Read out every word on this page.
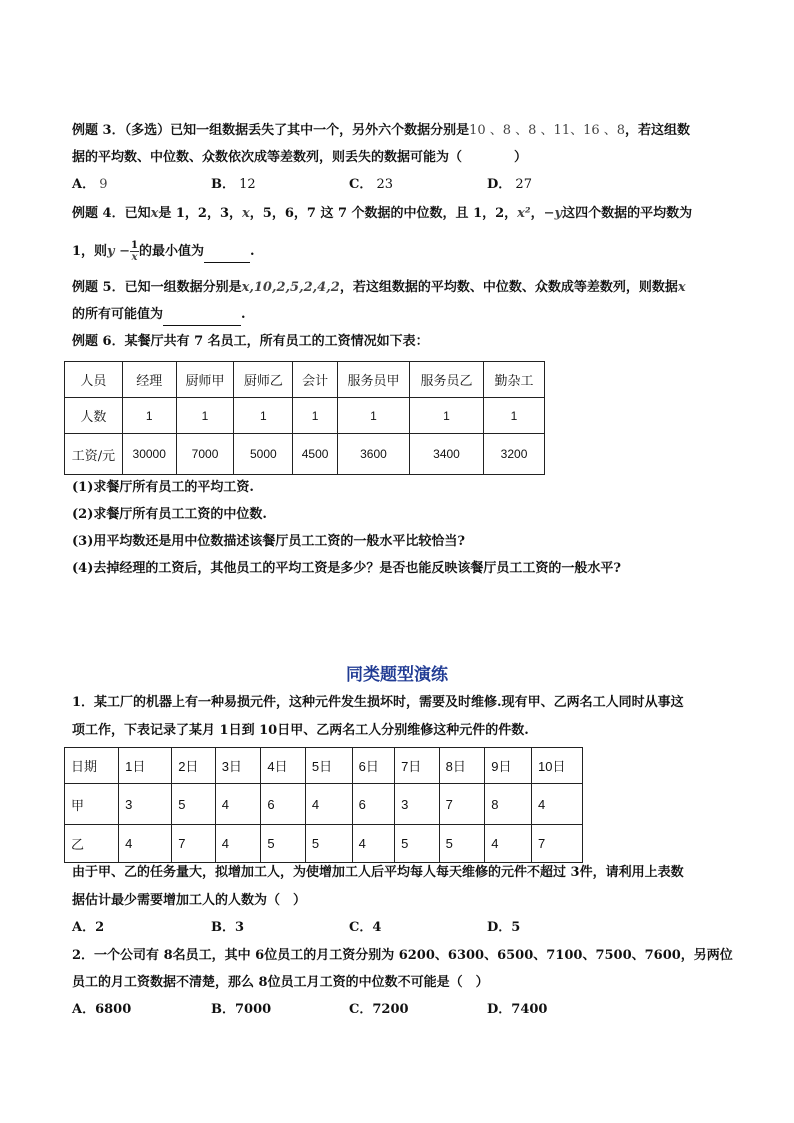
例题 3．（多选）已知一组数据丢失了其中一个，另外六个数据分别是10 、8 、8 、11、16 、8，若这组数
据的平均数、中位数、众数依次成等差数列，则丢失的数据可能为（　　　　）
A． 9	B． 12	C． 23	D． 27
例题 4．已知x是 1，2，3，x，5，6，7 这 7 个数据的中位数，且 1，2，x²，−y这四个数据的平均数为
1，则$y - \frac{1}{x}$ 的最小值为	.
例题 5．已知一组数据分别是x,10,2,5,2,4,2，若这组数据的平均数、中位数、众数成等差数列，则数据x
的所有可能值为	.
例题 6．某餐厅共有 7 名员工，所有员工的工资情况如下表：
人员	经理	厨师甲	厨师乙	会计	服务员甲	服务员乙	勤杂工
人数	1	1	1	1	1	1	1
工资/元	30000	7000	5000	4500	3600	3400	3200
(1)求餐厅所有员工的平均工资.
(2)求餐厅所有员工工资的中位数.
(3)用平均数还是用中位数描述该餐厅员工工资的一般水平比较恰当?
(4)去掉经理的工资后，其他员工的平均工资是多少？是否也能反映该餐厅员工工资的一般水平?
同类题型演练
1．某工厂的机器上有一种易损元件，这种元件发生损坏时，需要及时维修.现有甲、乙两名工人同时从事这
项工作，下表记录了某月 1日到 10日甲、乙两名工人分别维修这种元件的件数.
日期	1日	2日	3日	4日	5日	6日	7日	8日	9日	10日
甲	3	5	4	6	4	6	3	7	8	4
乙	4	7	4	5	5	4	5	5	4	7
由于甲、乙的任务量大，拟增加工人，为使增加工人后平均每人每天维修的元件不超过 3件，请利用上表数
据估计最少需要增加工人的人数为（　）
A．2	B．3	C．4	D．5
2．一个公司有 8名员工，其中 6位员工的月工资分别为 6200、6300、6500、7100、7500、7600，另两位
员工的月工资数据不清楚，那么 8位员工月工资的中位数不可能是（　）
A．6800	B．7000	C．7200	D．7400
